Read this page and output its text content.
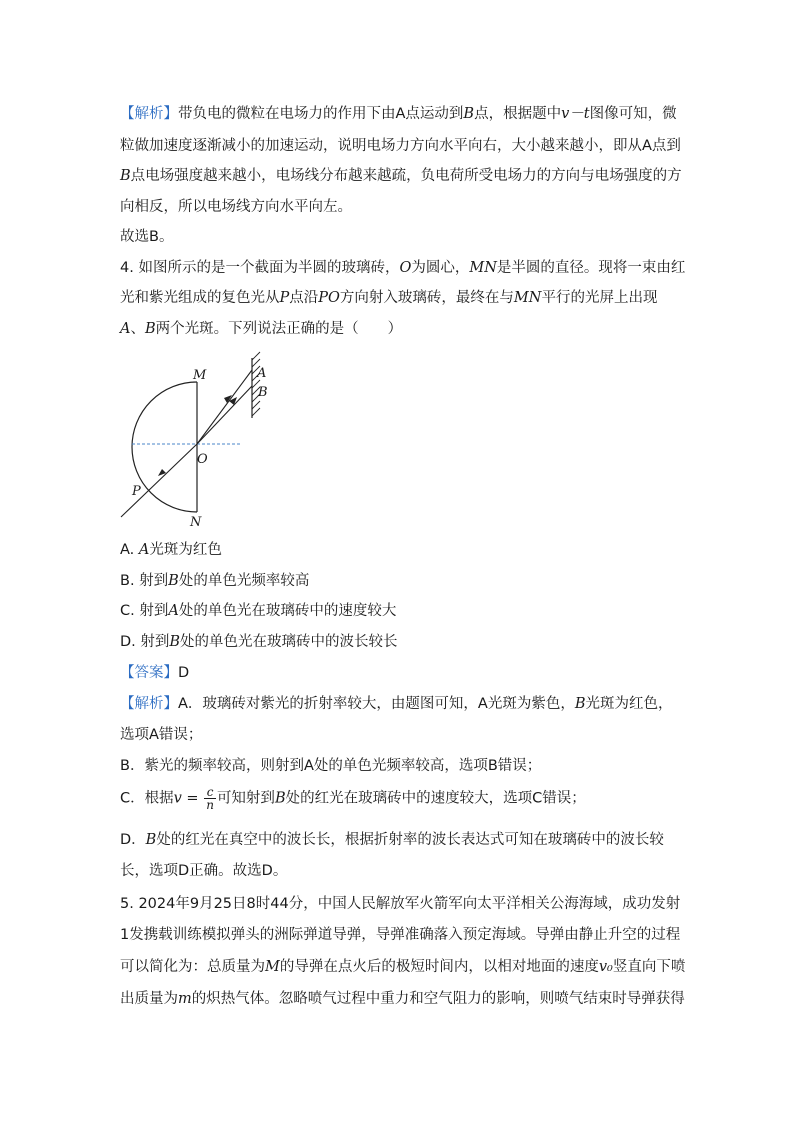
【解析】带负电的微粒在电场力的作用下由A点运动到B点，根据题中v－t图像可知，微
粒做加速度逐渐减小的加速运动，说明电场力方向水平向右，大小越来越小，即从A点到
B点电场强度越来越小，电场线分布越来越疏，负电荷所受电场力的方向与电场强度的方
向相反，所以电场线方向水平向左。
故选B。
4. 如图所示的是一个截面为半圆的玻璃砖，O为圆心，MN是半圆的直径。现将一束由红
光和紫光组成的复色光从P点沿PO方向射入玻璃砖，最终在与MN平行的光屏上出现
A、B两个光斑。下列说法正确的是（　　）
M
N
O
P
A
B
A. A光斑为红色
B. 射到B处的单色光频率较高
C. 射到A处的单色光在玻璃砖中的速度较大
D. 射到B处的单色光在玻璃砖中的波长较长
【答案】D
【解析】A．玻璃砖对紫光的折射率较大，由题图可知，A光斑为紫色，B光斑为红色，
选项A错误；
B．紫光的频率较高，则射到A处的单色光频率较高，选项B错误；
C．根据$v = \frac{c}{n}$ 可知射到B处的红光在玻璃砖中的速度较大，选项C错误；
D．B处的红光在真空中的波长长，根据折射率的波长表达式可知在玻璃砖中的波长较
长，选项D正确。故选D。
5. 2024年9月25日8时44分，中国人民解放军火箭军向太平洋相关公海海域，成功发射
1发携载训练模拟弹头的洲际弹道导弹，导弹准确落入预定海域。导弹由静止升空的过程
可以简化为：总质量为M的导弹在点火后的极短时间内，以相对地面的速度v₀竖直向下喷
出质量为m的炽热气体。忽略喷气过程中重力和空气阻力的影响，则喷气结束时导弹获得
